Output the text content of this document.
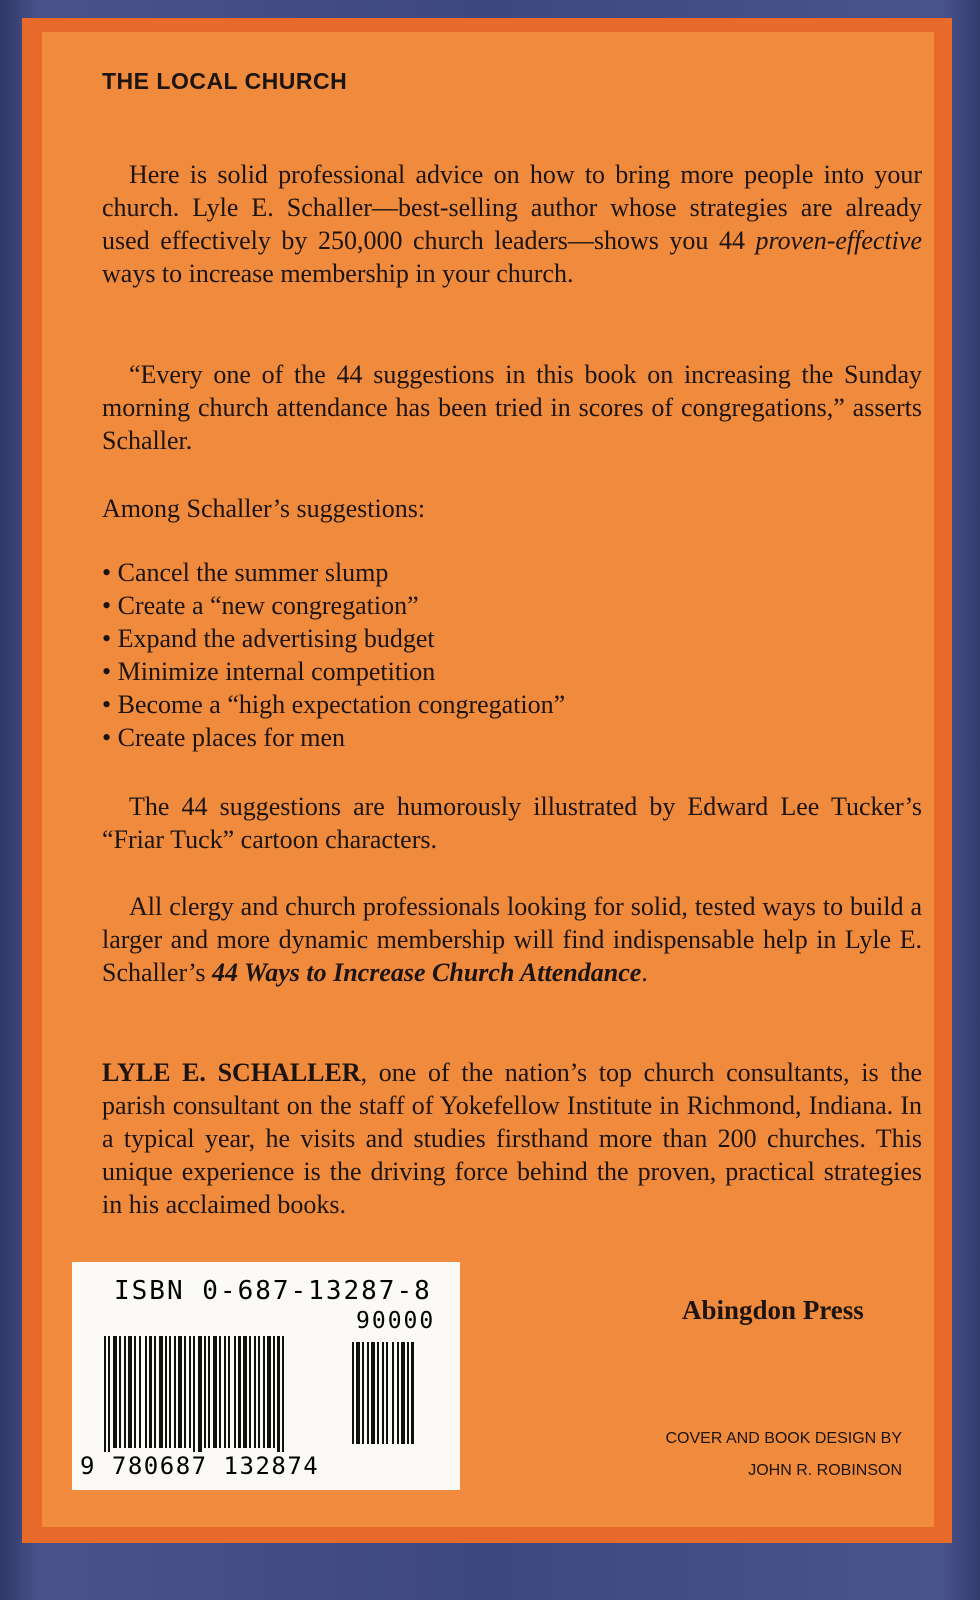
THE LOCAL CHURCH

Here is solid professional advice on how to bring more people into your church. Lyle E. Schaller—best-selling author whose strategies are already used effectively by 250,000 church leaders—shows you 44 proven-effective ways to increase membership in your church.

“Every one of the 44 suggestions in this book on increasing the Sunday morning church attendance has been tried in scores of congregations,” asserts Schaller.

Among Schaller’s suggestions:

• Cancel the summer slump
• Create a “new congregation”
• Expand the advertising budget
• Minimize internal competition
• Become a “high expectation congregation”
• Create places for men

The 44 suggestions are humorously illustrated by Edward Lee Tucker’s “Friar Tuck” cartoon characters.

All clergy and church professionals looking for solid, tested ways to build a larger and more dynamic membership will find indispensable help in Lyle E. Schaller’s 44 Ways to Increase Church Attendance.

LYLE E. SCHALLER, one of the nation’s top church consultants, is the parish consultant on the staff of Yokefellow Institute in Richmond, Indiana. In a typical year, he visits and studies firsthand more than 200 churches. This unique experience is the driving force behind the proven, practical strategies in his acclaimed books.

Abingdon Press
COVER AND BOOK DESIGN BY
JOHN R. ROBINSON
ISBN 0-687-13287-8
90000
9 780687 132874
